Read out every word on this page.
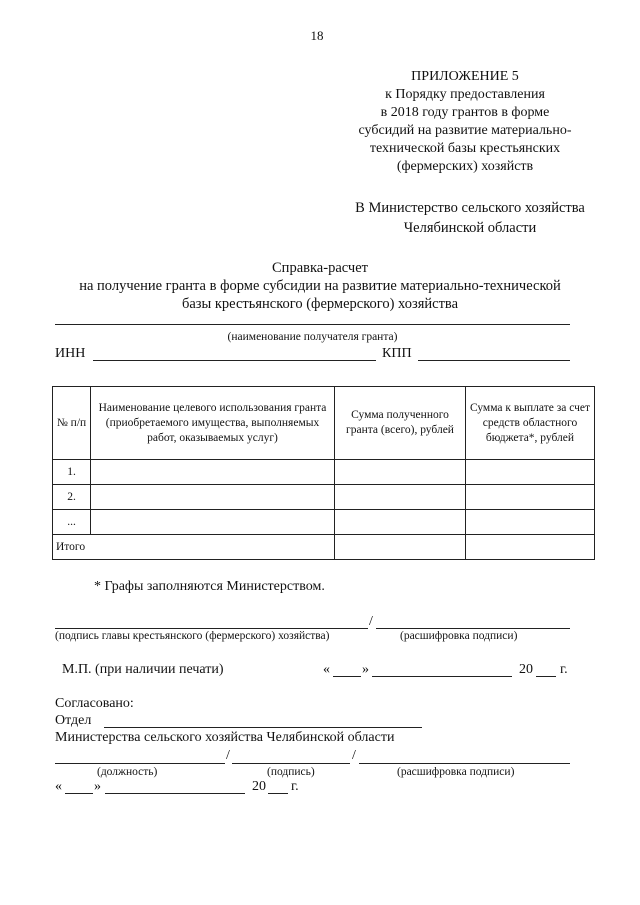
18
ПРИЛОЖЕНИЕ 5
к Порядку предоставления
в 2018 году грантов в форме
субсидий на развитие материально-
технической базы крестьянских
(фермерских) хозяйств
В Министерство сельского хозяйства
Челябинской области
Справка-расчет
на получение гранта в форме субсидии на развитие материально-технической
базы крестьянского (фермерского) хозяйства
(наименование получателя гранта)
ИНН	КПП
№ п/п	Наименование целевого использования гранта (приобретаемого имущества, выполняемых работ, оказываемых услуг)	Сумма полученного гранта (всего), рублей	Сумма к выплате за счет средств областного бюджета*, рублей
1.			
2.			
...			
Итого			
* Графы заполняются Министерством.
/
(подпись главы крестьянского (фермерского) хозяйства)	(расшифровка подписи)
М.П. (при наличии печати)	« »	20 г.
Согласовано:
Отдел
Министерства сельского хозяйства Челябинской области
/	/
(должность)	(подпись)	(расшифровка подписи)
« »	20 г.
